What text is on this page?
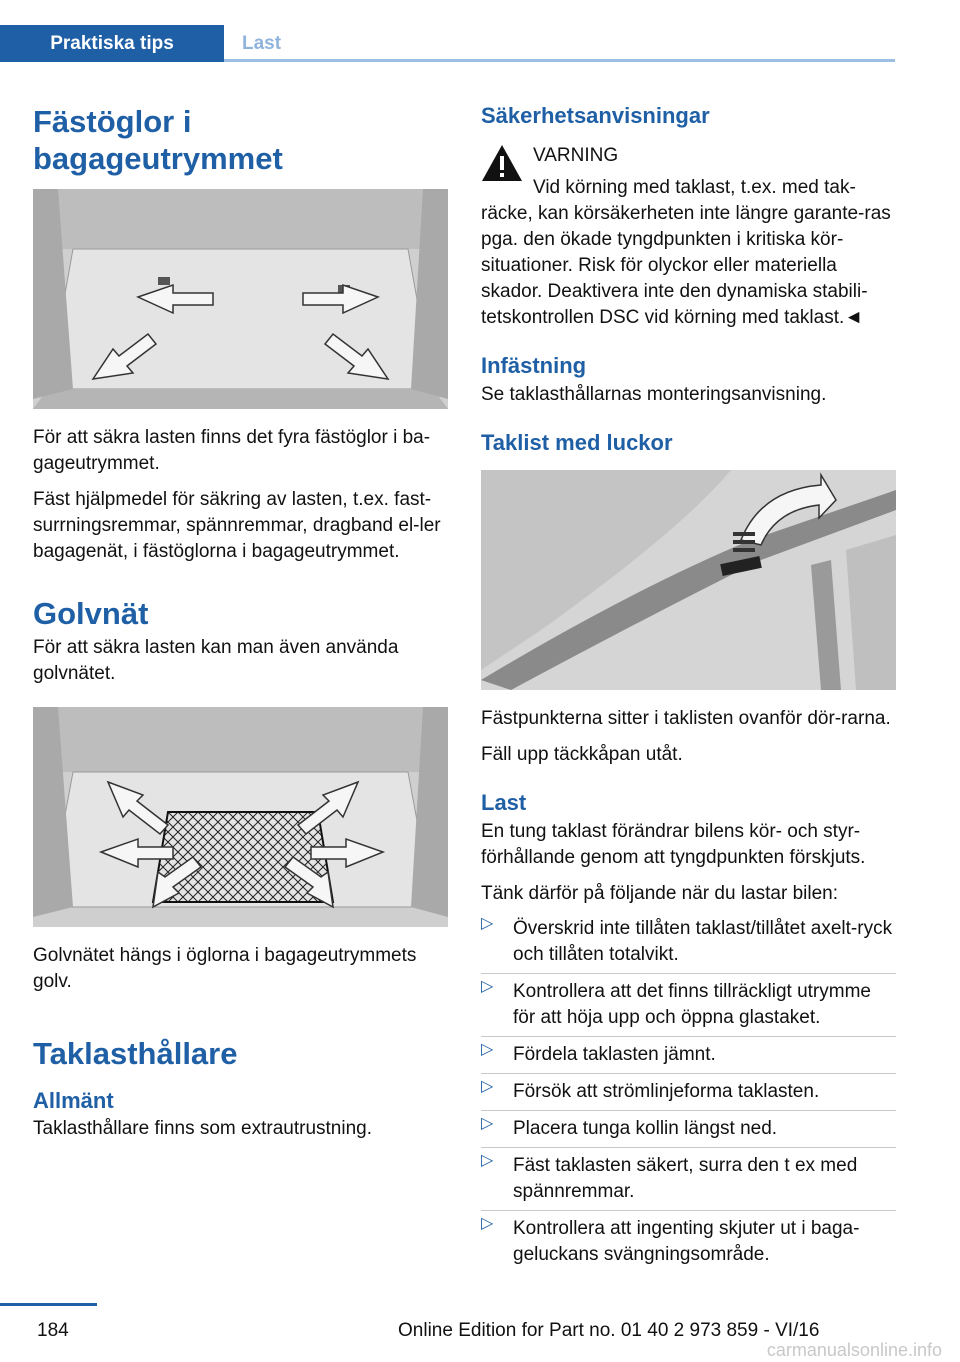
Praktiska tips	Last
Fästöglor i bagageutrymmet

För att säkra lasten finns det fyra fästöglor i ba‐gageutrymmet.

Fäst hjälpmedel för säkring av lasten, t.ex. fast‐surrningsremmar, spännremmar, dragband el‐ler bagagenät, i fästöglorna i bagageutrymmet.

Golvnät

För att säkra lasten kan man även använda golvnätet.

Golvnätet hängs i öglorna i bagageutrymmets golv.

Taklasthållare
Allmänt

Taklasthållare finns som extrautrustning.

Säkerhetsanvisningar

VARNING

Vid körning med taklast, t.ex. med tak‐räcke, kan körsäkerheten inte längre garante‐ras pga. den ökade tyngdpunkten i kritiska kör‐situationer. Risk för olyckor eller materiella skador. Deaktivera inte den dynamiska stabili‐tetskontrollen DSC vid körning med taklast.◄

Infästning

Se taklasthållarnas monteringsanvisning.

Taklist med luckor

Fästpunkterna sitter i taklisten ovanför dör‐rarna.

Fäll upp täckkåpan utåt.

Last

En tung taklast förändrar bilens kör- och styr‐förhållande genom att tyngdpunkten förskjuts.

Tänk därför på följande när du lastar bilen:

▷ Överskrid inte tillåten taklast/tillåtet axelt‐ryck och tillåten totalvikt.
▷ Kontrollera att det finns tillräckligt utrymme för att höja upp och öppna glastaket.
▷ Fördela taklasten jämnt.
▷ Försök att strömlinjeforma taklasten.
▷ Placera tunga kollin längst ned.
▷ Fäst taklasten säkert, surra den t ex med spännremmar.
▷ Kontrollera att ingenting skjuter ut i baga‐geluckans svängningsområde.
184	Online Edition for Part no. 01 40 2 973 859 - VI/16
carmanualsonline.info
